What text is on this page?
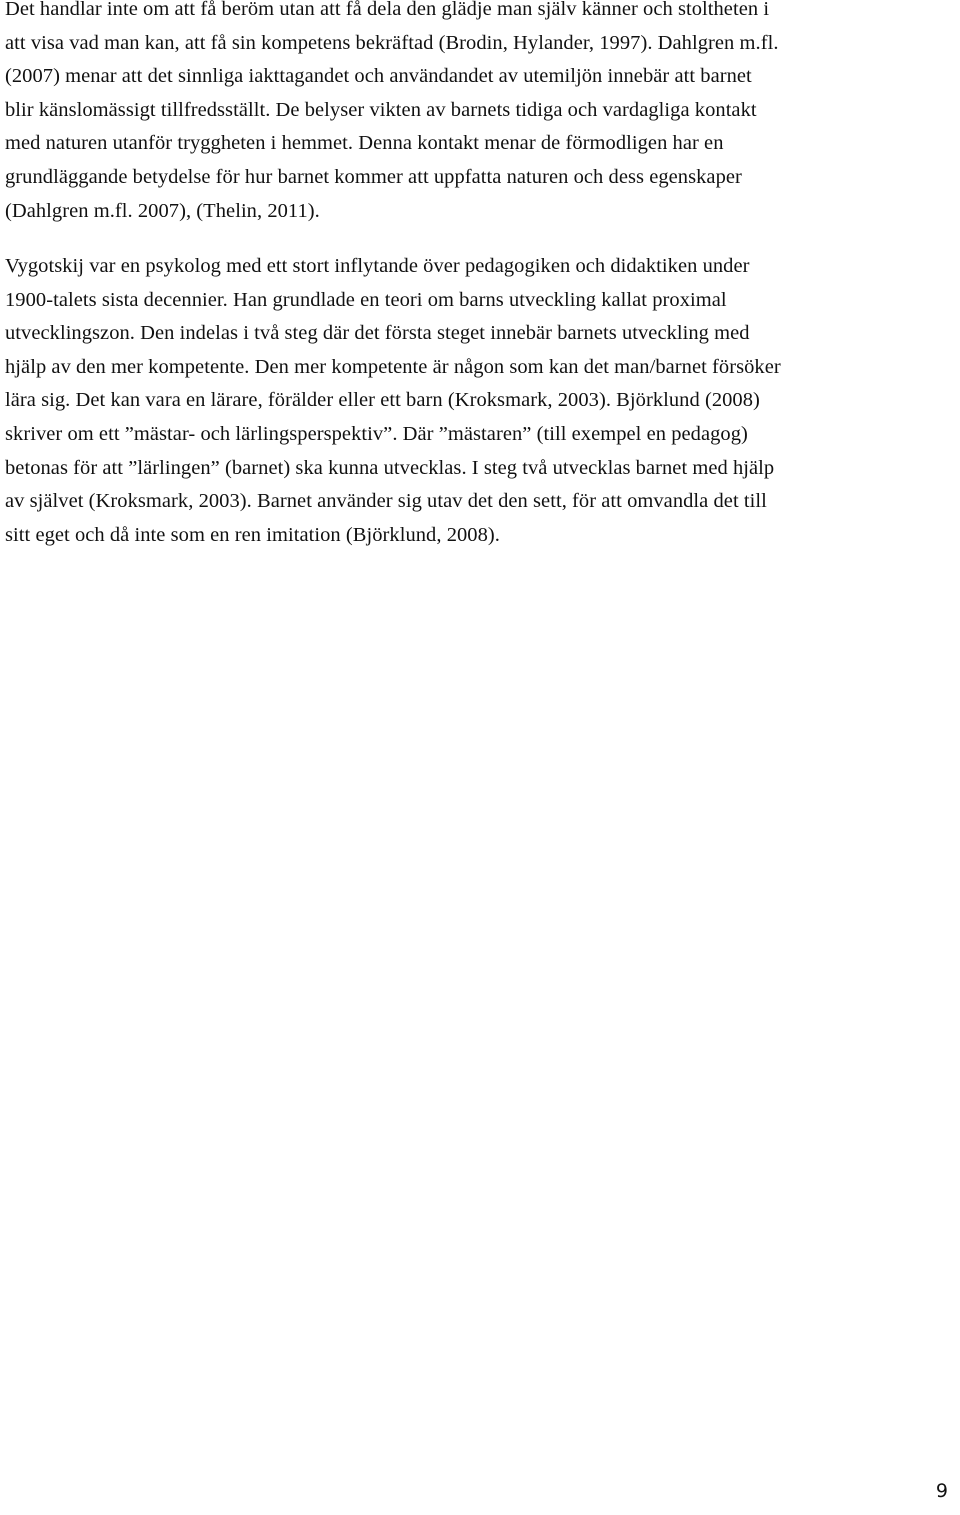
Det handlar inte om att få beröm utan att få dela den glädje man själv känner och stoltheten i
att visa vad man kan, att få sin kompetens bekräftad (Brodin, Hylander, 1997). Dahlgren m.fl.
(2007) menar att det sinnliga iakttagandet och användandet av utemiljön innebär att barnet
blir känslomässigt tillfredsställt. De belyser vikten av barnets tidiga och vardagliga kontakt
med naturen utanför tryggheten i hemmet. Denna kontakt menar de förmodligen har en
grundläggande betydelse för hur barnet kommer att uppfatta naturen och dess egenskaper
(Dahlgren m.fl. 2007), (Thelin, 2011).
Vygotskij var en psykolog med ett stort inflytande över pedagogiken och didaktiken under
1900-talets sista decennier. Han grundlade en teori om barns utveckling kallat proximal
utvecklingszon. Den indelas i två steg där det första steget innebär barnets utveckling med
hjälp av den mer kompetente. Den mer kompetente är någon som kan det man/barnet försöker
lära sig. Det kan vara en lärare, förälder eller ett barn (Kroksmark, 2003). Björklund (2008)
skriver om ett ”mästar- och lärlingsperspektiv”. Där ”mästaren” (till exempel en pedagog)
betonas för att ”lärlingen” (barnet) ska kunna utvecklas. I steg två utvecklas barnet med hjälp
av självet (Kroksmark, 2003). Barnet använder sig utav det den sett, för att omvandla det till
sitt eget och då inte som en ren imitation (Björklund, 2008).
9
